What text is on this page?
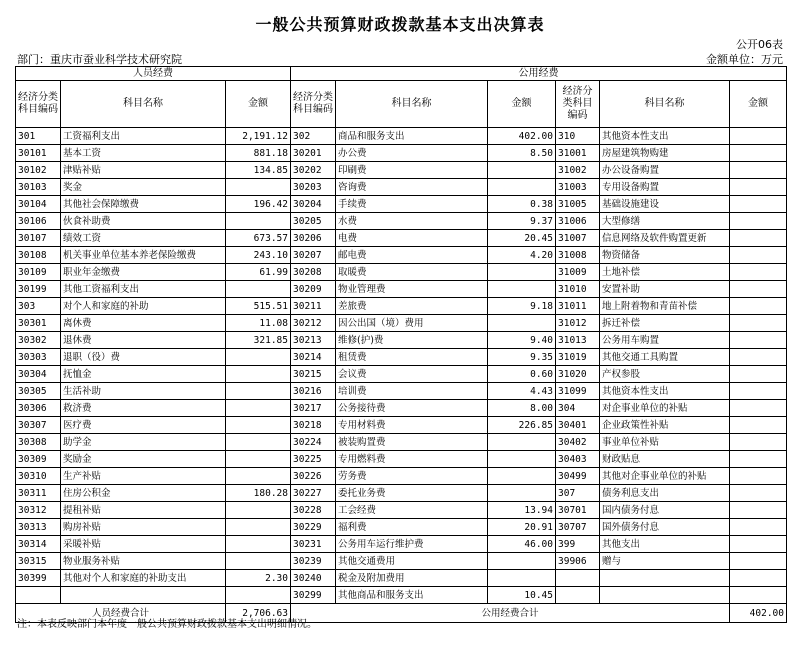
一般公共预算财政拨款基本支出决算表
公开06表
部门：重庆市蚕业科学技术研究院	金额单位：万元
人员经费			公用经费					
经济分类科目编码	科目名称	金额	经济分类科目编码	科目名称	金额	经济分类科目编码	科目名称	金额
301	工资福利支出	2,191.12	302	商品和服务支出	402.00	310	其他资本性支出	
30101	基本工资	881.18	30201	办公费	8.50	31001	房屋建筑物购建	
30102	津贴补贴	134.85	30202	印刷费		31002	办公设备购置	
30103	奖金		30203	咨询费		31003	专用设备购置	
30104	其他社会保障缴费	196.42	30204	手续费	0.38	31005	基础设施建设	
30106	伙食补助费		30205	水费	9.37	31006	大型修缮	
30107	绩效工资	673.57	30206	电费	20.45	31007	信息网络及软件购置更新	
30108	机关事业单位基本养老保险缴费	243.10	30207	邮电费	4.20	31008	物资储备	
30109	职业年金缴费	61.99	30208	取暖费		31009	土地补偿	
30199	其他工资福利支出		30209	物业管理费		31010	安置补助	
303	对个人和家庭的补助	515.51	30211	差旅费	9.18	31011	地上附着物和青苗补偿	
30301	离休费	11.08	30212	因公出国（境）费用		31012	拆迁补偿	
30302	退休费	321.85	30213	维修(护)费	9.40	31013	公务用车购置	
30303	退职（役）费		30214	租赁费	9.35	31019	其他交通工具购置	
30304	抚恤金		30215	会议费	0.60	31020	产权参股	
30305	生活补助		30216	培训费	4.43	31099	其他资本性支出	
30306	救济费		30217	公务接待费	8.00	304	对企事业单位的补贴	
30307	医疗费		30218	专用材料费	226.85	30401	企业政策性补贴	
30308	助学金		30224	被装购置费		30402	事业单位补贴	
30309	奖励金		30225	专用燃料费		30403	财政贴息	
30310	生产补贴		30226	劳务费		30499	其他对企事业单位的补贴	
30311	住房公积金	180.28	30227	委托业务费		307	债务利息支出	
30312	提租补贴		30228	工会经费	13.94	30701	国内债务付息	
30313	购房补贴		30229	福利费	20.91	30707	国外债务付息	
30314	采暖补贴		30231	公务用车运行维护费	46.00	399	其他支出	
30315	物业服务补贴		30239	其他交通费用		39906	赠与	
30399	其他对个人和家庭的补助支出	2.30	30240	税金及附加费用				
			30299	其他商品和服务支出	10.45			
人员经费合计		2,706.63	公用经费合计					402.00
注：本表反映部门本年度一般公共预算财政拨款基本支出明细情况。
